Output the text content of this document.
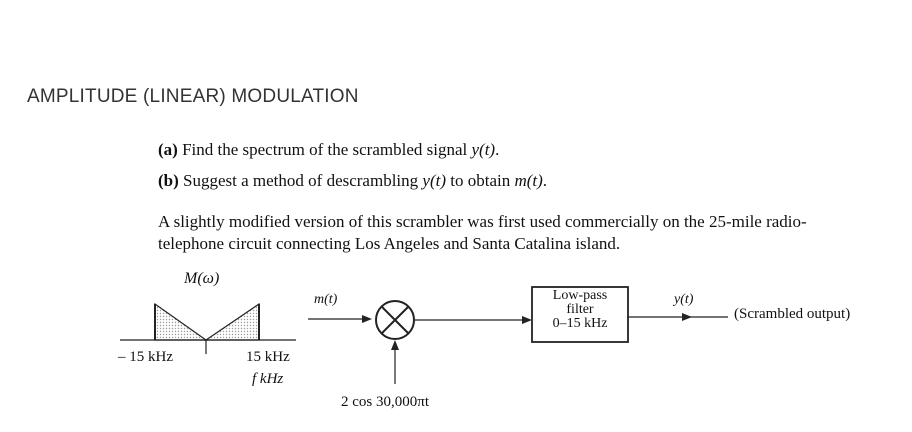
AMPLITUDE (LINEAR) MODULATION
(a) Find the spectrum of the scrambled signal y(t).
(b) Suggest a method of descrambling y(t) to obtain m(t).
A slightly modified version of this scrambler was first used commercially on the 25-mile radio-
telephone circuit connecting Los Angeles and Santa Catalina island.
M(ω)
– 15 kHz	15 kHz
f kHz
m(t)
2 cos 30,000πt
Low-pass
filter
0–15 kHz
y(t)
(Scrambled output)
